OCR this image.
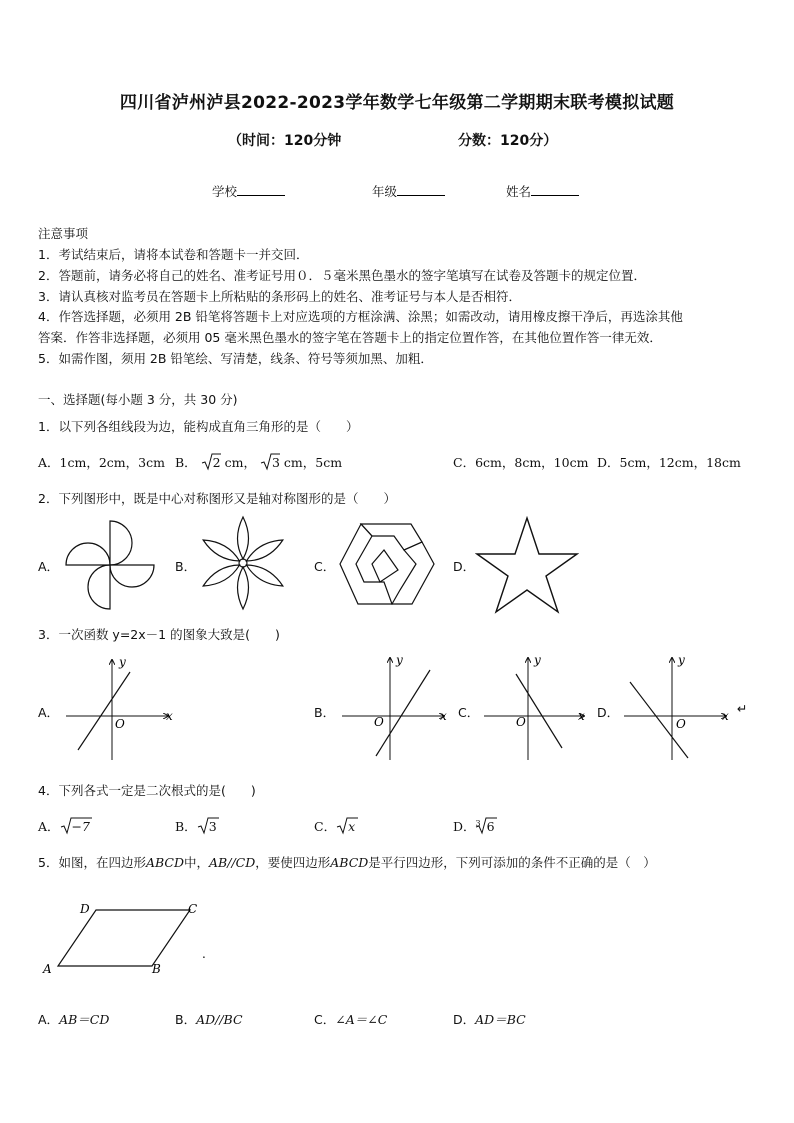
四川省泸州泸县2022-2023学年数学七年级第二学期期末联考模拟试题
（时间：120分钟	分数：120分）
学校	年级	姓名
注意事项
1．考试结束后，请将本试卷和答题卡一并交回．
2．答题前，请务必将自己的姓名、准考证号用０．５毫米黑色墨水的签字笔填写在试卷及答题卡的规定位置．
3．请认真核对监考员在答题卡上所粘贴的条形码上的姓名、准考证号与本人是否相符．
4．作答选择题，必须用 2B 铅笔将答题卡上对应选项的方框涂满、涂黑；如需改动，请用橡皮擦干净后，再选涂其他
答案．作答非选择题，必须用 05 毫米黑色墨水的签字笔在答题卡上的指定位置作答，在其他位置作答一律无效．
5．如需作图，须用 2B 铅笔绘、写清楚，线条、符号等须加黑、加粗．
一、选择题(每小题 3 分，共 30 分)
1．以下列各组线段为边，能构成直角三角形的是（　　）
A．1cm，2cm，3cm B． 2 cm， 3 cm，5cm	C．6cm，8cm，10cm D．5cm，12cm，18cm
2．下列图形中，既是中心对称图形又是轴对称图形的是（　　）
A．	B．	C．	D．
3．一次函数 y=2x－1 的图象大致是(　　)
A．	B．	C．	D．	↵
y
x
O
y
x
O
y
x
O
y
x
O
4．下列各式一定是二次根式的是(　　)
A． −7	B． 3	C． x	D．$^3$ 6
5．如图，在四边形ABCD中，AB//CD，要使四边形ABCD是平行四边形，下列可添加的条件不正确的是（　）
A	B
C
D
.
A．AB＝CD	B．AD//BC	C．∠A＝∠C	D．AD＝BC
